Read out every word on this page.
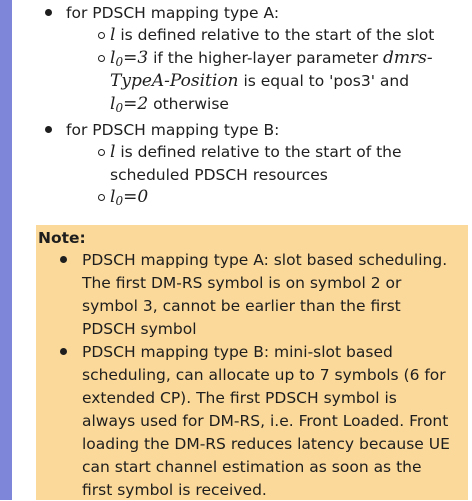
for PDSCH mapping type A:
l is defined relative to the start of the slot
$l_0=3$ if the higher-layer parameter dmrs-
TypeA-Position is equal to 'pos3' and
$l_0=2$ otherwise
for PDSCH mapping type B:
l is defined relative to the start of the
scheduled PDSCH resources
$l_0=0$
Note:
PDSCH mapping type A: slot based scheduling.
The first DM-RS symbol is on symbol 2 or
symbol 3, cannot be earlier than the first
PDSCH symbol
PDSCH mapping type B: mini-slot based
scheduling, can allocate up to 7 symbols (6 for
extended CP). The first PDSCH symbol is
always used for DM-RS, i.e. Front Loaded. Front
loading the DM-RS reduces latency because UE
can start channel estimation as soon as the
first symbol is received.
